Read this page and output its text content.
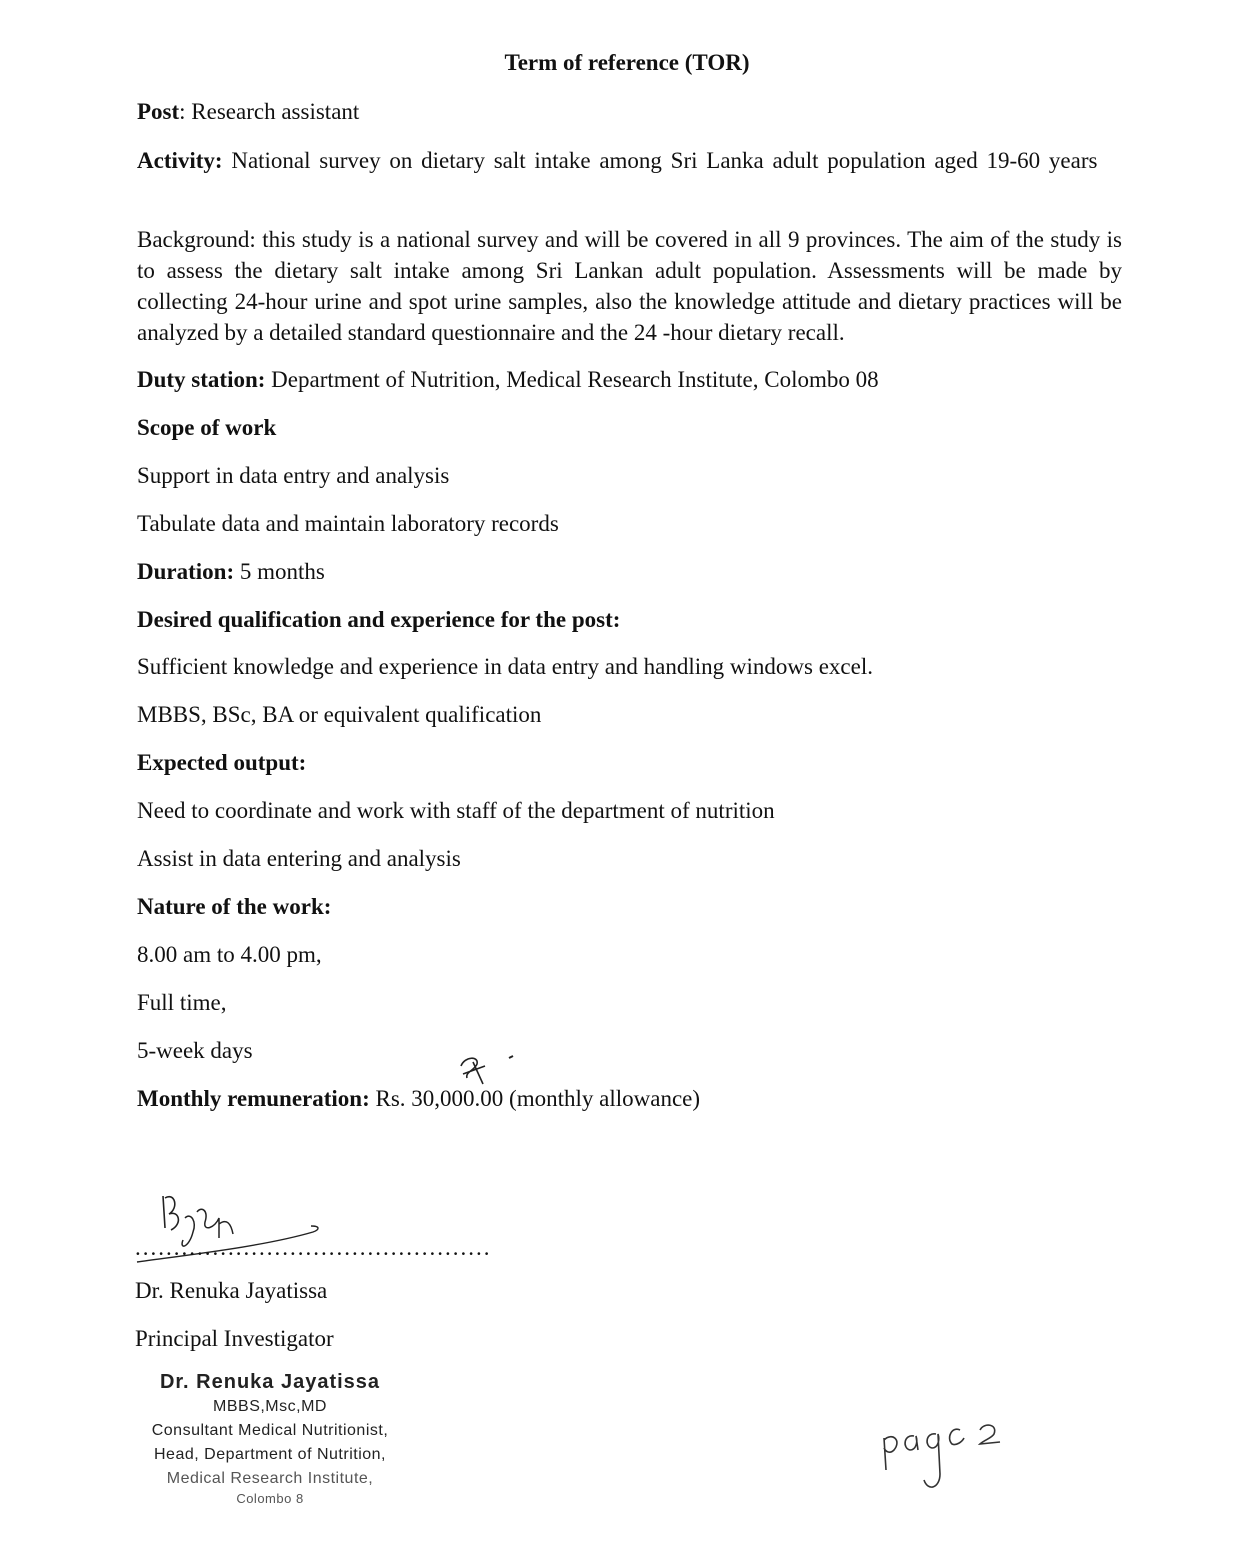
Term of reference (TOR)
Post: Research assistant
Activity: National survey on dietary salt intake among Sri Lanka adult population aged 19-60 years
Background: this study is a national survey and will be covered in all 9 provinces. The aim of the study is to assess the dietary salt intake among Sri Lankan adult population. Assessments will be made by collecting 24-hour urine and spot urine samples, also the knowledge attitude and dietary practices will be analyzed by a detailed standard questionnaire and the 24 -hour dietary recall.
Duty station: Department of Nutrition, Medical Research Institute, Colombo 08
Scope of work
Support in data entry and analysis
Tabulate data and maintain laboratory records
Duration: 5 months
Desired qualification and experience for the post:
Sufficient knowledge and experience in data entry and handling windows excel.
MBBS, BSc, BA or equivalent qualification
Expected output:
Need to coordinate and work with staff of the department of nutrition
Assist in data entering and analysis
Nature of the work:
8.00 am to 4.00 pm,
Full time,
5-week days
Monthly remuneration: Rs. 30,000.00 (monthly allowance)
..............................................
Dr. Renuka Jayatissa
Principal Investigator
Dr. Renuka Jayatissa
MBBS,Msc,MD
Consultant Medical Nutritionist,
Head, Department of Nutrition,
Medical Research Institute,
Colombo 8
